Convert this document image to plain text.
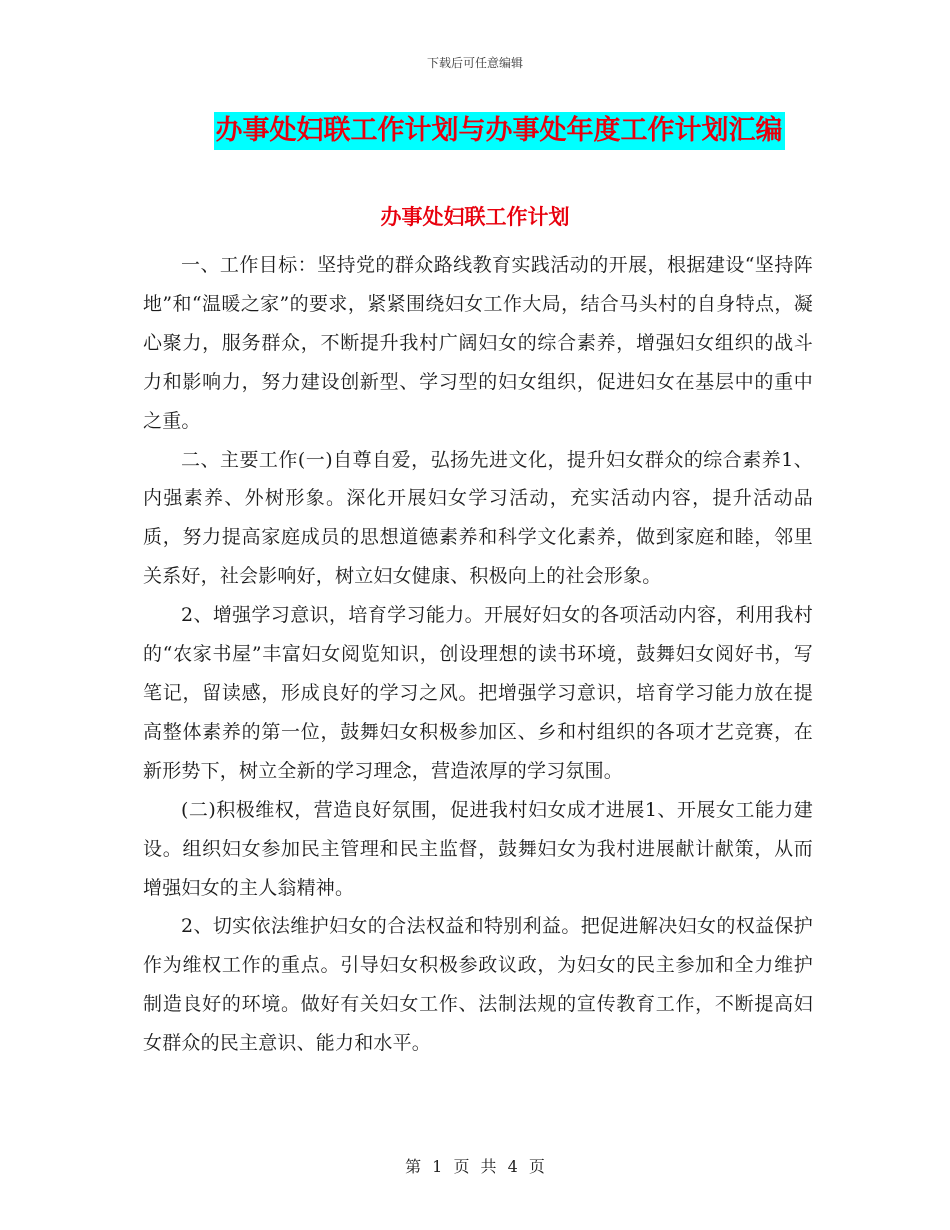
下载后可任意编辑
办事处妇联工作计划与办事处年度工作计划汇编
办事处妇联工作计划

一、工作目标：坚持党的群众路线教育实践活动的开展，根据建设“坚持阵地”和“温暖之家”的要求，紧紧围绕妇女工作大局，结合马头村的自身特点，凝心聚力，服务群众，不断提升我村广阔妇女的综合素养，增强妇女组织的战斗力和影响力，努力建设创新型、学习型的妇女组织，促进妇女在基层中的重中之重。

二、主要工作(一)自尊自爱，弘扬先进文化，提升妇女群众的综合素养1、内强素养、外树形象。深化开展妇女学习活动，充实活动内容，提升活动品质，努力提高家庭成员的思想道德素养和科学文化素养，做到家庭和睦，邻里关系好，社会影响好，树立妇女健康、积极向上的社会形象。

2、增强学习意识，培育学习能力。开展好妇女的各项活动内容，利用我村的“农家书屋”丰富妇女阅览知识，创设理想的读书环境，鼓舞妇女阅好书，写笔记，留读感，形成良好的学习之风。把增强学习意识，培育学习能力放在提高整体素养的第一位，鼓舞妇女积极参加区、乡和村组织的各项才艺竞赛，在新形势下，树立全新的学习理念，营造浓厚的学习氛围。

(二)积极维权，营造良好氛围，促进我村妇女成才进展1、开展女工能力建设。组织妇女参加民主管理和民主监督，鼓舞妇女为我村进展献计献策，从而增强妇女的主人翁精神。

2、切实依法维护妇女的合法权益和特别利益。把促进解决妇女的权益保护作为维权工作的重点。引导妇女积极参政议政，为妇女的民主参加和全力维护制造良好的环境。做好有关妇女工作、法制法规的宣传教育工作，不断提高妇女群众的民主意识、能力和水平。

第 1 页 共 4 页
